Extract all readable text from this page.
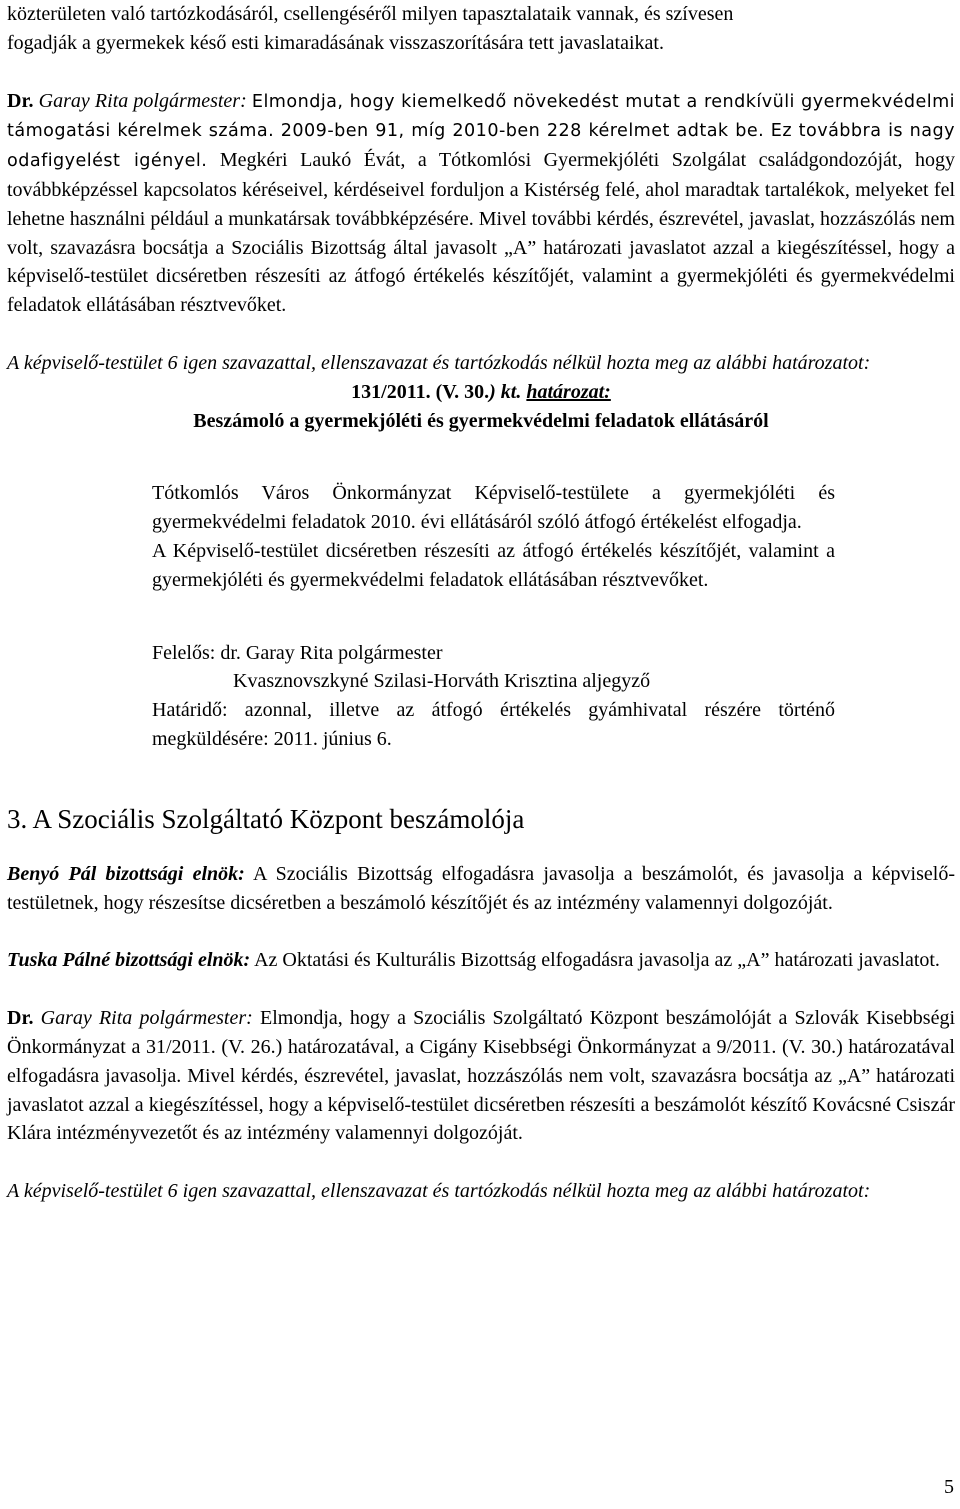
közterületen való tartózkodásáról, csellengéséről milyen tapasztalataik vannak, és szívesen
fogadják a gyermekek késő esti kimaradásának visszaszorítására tett javaslataikat.

Dr. Garay Rita polgármester: Elmondja, hogy kiemelkedő növekedést mutat a rendkívüli gyermekvédelmi támogatási kérelmek száma. 2009-ben 91, míg 2010-ben 228 kérelmet adtak be. Ez továbbra is nagy odafigyelést igényel. Megkéri Laukó Évát, a Tótkomlósi Gyermekjóléti Szolgálat családgondozóját, hogy továbbképzéssel kapcsolatos kéréseivel, kérdéseivel forduljon a Kistérség felé, ahol maradtak tartalékok, melyeket fel lehetne használni például a munkatársak továbbképzésére. Mivel további kérdés, észrevétel, javaslat, hozzászólás nem volt, szavazásra bocsátja a Szociális Bizottság által javasolt „A” határozati javaslatot azzal a kiegészítéssel, hogy a képviselő-testület dicséretben részesíti az átfogó értékelés készítőjét, valamint a gyermekjóléti és gyermekvédelmi feladatok ellátásában résztvevőket.

A képviselő-testület 6 igen szavazattal, ellenszavazat és tartózkodás nélkül hozta meg az alábbi határozatot:

131/2011. (V. 30.) kt. határozat:

Beszámoló a gyermekjóléti és gyermekvédelmi feladatok ellátásáról

Tótkomlós Város Önkormányzat Képviselő-testülete a gyermekjóléti és gyermekvédelmi feladatok 2010. évi ellátásáról szóló átfogó értékelést elfogadja.

A Képviselő-testület dicséretben részesíti az átfogó értékelés készítőjét, valamint a gyermekjóléti és gyermekvédelmi feladatok ellátásában résztvevőket.

Felelős: dr. Garay Rita polgármester

Kvasznovszkyné Szilasi-Horváth Krisztina aljegyző

Határidő: azonnal, illetve az átfogó értékelés gyámhivatal részére történő megküldésére: 2011. június 6.

3. A Szociális Szolgáltató Központ beszámolója

Benyó Pál bizottsági elnök: A Szociális Bizottság elfogadásra javasolja a beszámolót, és javasolja a képviselő-testületnek, hogy részesítse dicséretben a beszámoló készítőjét és az intézmény valamennyi dolgozóját.

Tuska Pálné bizottsági elnök: Az Oktatási és Kulturális Bizottság elfogadásra javasolja az „A” határozati javaslatot.

Dr. Garay Rita polgármester: Elmondja, hogy a Szociális Szolgáltató Központ beszámolóját a Szlovák Kisebbségi Önkormányzat a 31/2011. (V. 26.) határozatával, a Cigány Kisebbségi Önkormányzat a 9/2011. (V. 30.) határozatával elfogadásra javasolja. Mivel kérdés, észrevétel, javaslat, hozzászólás nem volt, szavazásra bocsátja az „A” határozati javaslatot azzal a kiegészítéssel, hogy a képviselő-testület dicséretben részesíti a beszámolót készítő Kovácsné Csiszár Klára intézményvezetőt és az intézmény valamennyi dolgozóját.

A képviselő-testület 6 igen szavazattal, ellenszavazat és tartózkodás nélkül hozta meg az alábbi határozatot:

5
